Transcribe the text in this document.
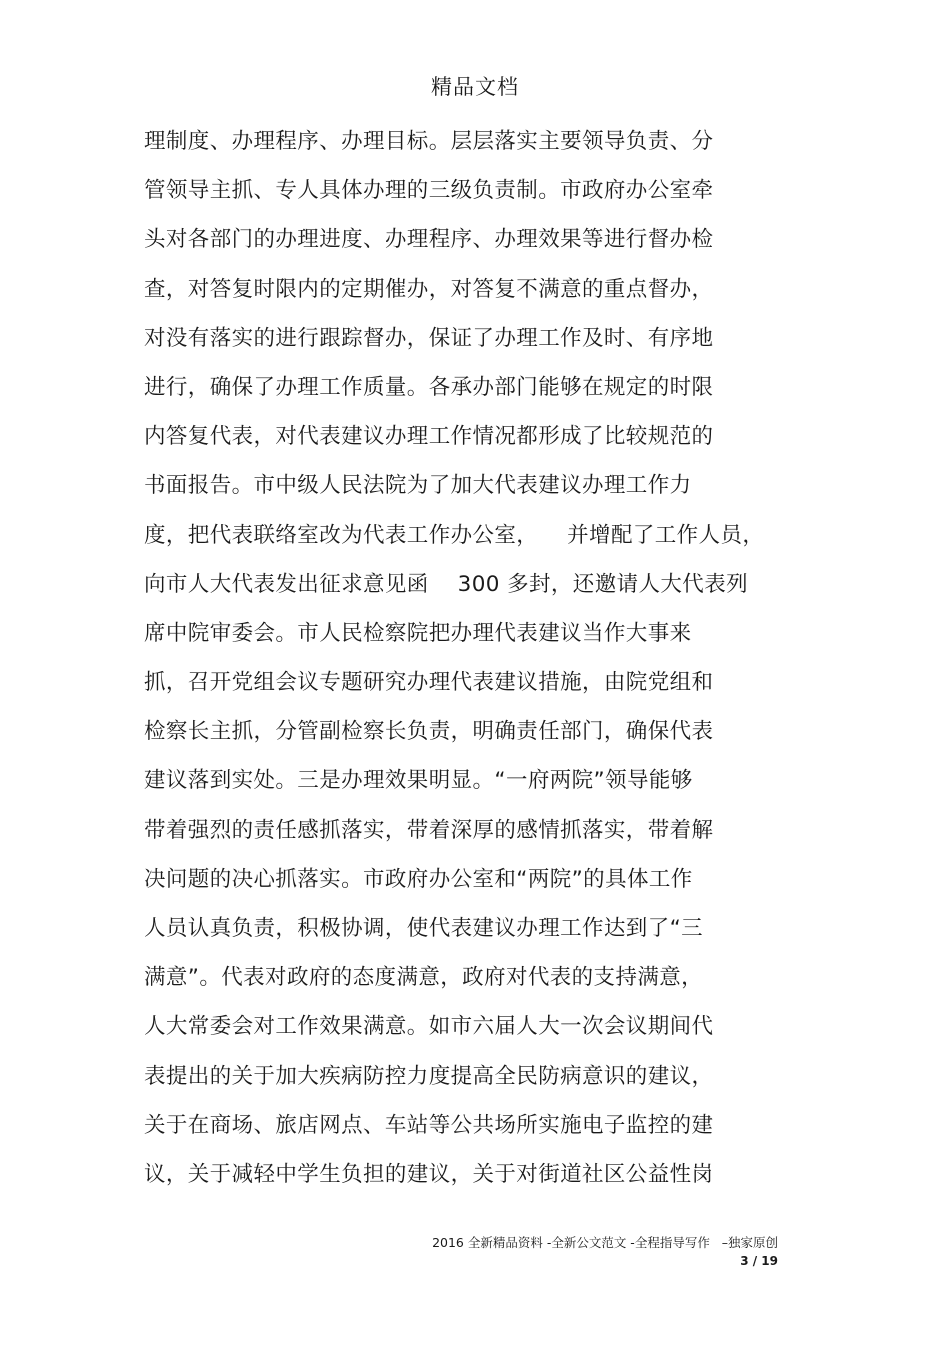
精品文档
理制度、办理程序、办理目标。层层落实主要领导负责、分
管领导主抓、专人具体办理的三级负责制。市政府办公室牵
头对各部门的办理进度、办理程序、办理效果等进行督办检
查，对答复时限内的定期催办，对答复不满意的重点督办，
对没有落实的进行跟踪督办，保证了办理工作及时、有序地
进行，确保了办理工作质量。各承办部门能够在规定的时限
内答复代表，对代表建议办理工作情况都形成了比较规范的
书面报告。市中级人民法院为了加大代表建议办理工作力
度，把代表联络室改为代表工作办公室，    并增配了工作人员，
向市人大代表发出征求意见函    300 多封，还邀请人大代表列
席中院审委会。市人民检察院把办理代表建议当作大事来
抓，召开党组会议专题研究办理代表建议措施，由院党组和
检察长主抓，分管副检察长负责，明确责任部门，确保代表
建议落到实处。三是办理效果明显。“一府两院”领导能够
带着强烈的责任感抓落实，带着深厚的感情抓落实，带着解
决问题的决心抓落实。市政府办公室和“两院”的具体工作
人员认真负责，积极协调，使代表建议办理工作达到了“三
满意”。代表对政府的态度满意，政府对代表的支持满意，
人大常委会对工作效果满意。如市六届人大一次会议期间代
表提出的关于加大疾病防控力度提高全民防病意识的建议，
关于在商场、旅店网点、车站等公共场所实施电子监控的建
议，关于减轻中学生负担的建议，关于对街道社区公益性岗
2016 全新精品资料 -全新公文范文 -全程指导写作   –独家原创
3 / 19
